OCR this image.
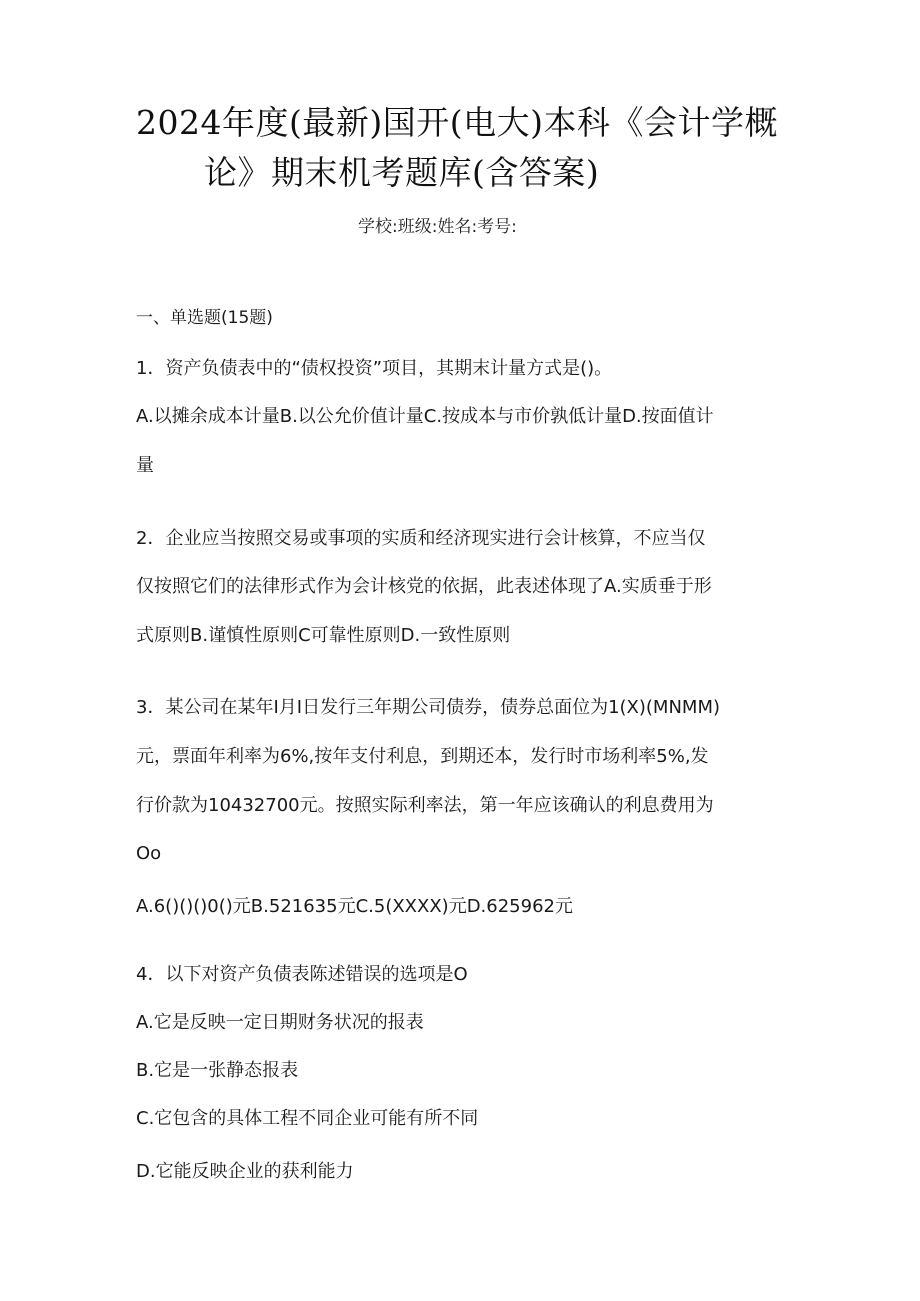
2024年度(最新)国开(电大)本科《会计学概
论》期末机考题库(含答案)
学校:班级:姓名:考号:
一、单选题(15题)
1．资产负债表中的“债权投资”项目，其期末计量方式是()。
A.以摊余成本计量B.以公允价值计量C.按成本与市价孰低计量D.按面值计
量
2．企业应当按照交易或事项的实质和经济现实进行会计核算，不应当仅
仅按照它们的法律形式作为会计核党的依据，此表述体现了A.实质垂于形
式原则B.谨慎性原则C可靠性原则D.一致性原则
3．某公司在某年I月I日发行三年期公司债券，债券总面位为1(X)(MNMM)
元，票面年利率为6%,按年支付利息，到期还本，发行时市场利率5%,发
行价款为10432700元。按照实际利率法，第一年应该确认的利息费用为
Oo
A.6()()()0()元B.521635元C.5(XXXX)元D.625962元
4．以下对资产负债表陈述错误的选项是O
A.它是反映一定日期财务状况的报表
B.它是一张静态报表
C.它包含的具体工程不同企业可能有所不同
D.它能反映企业的获利能力
